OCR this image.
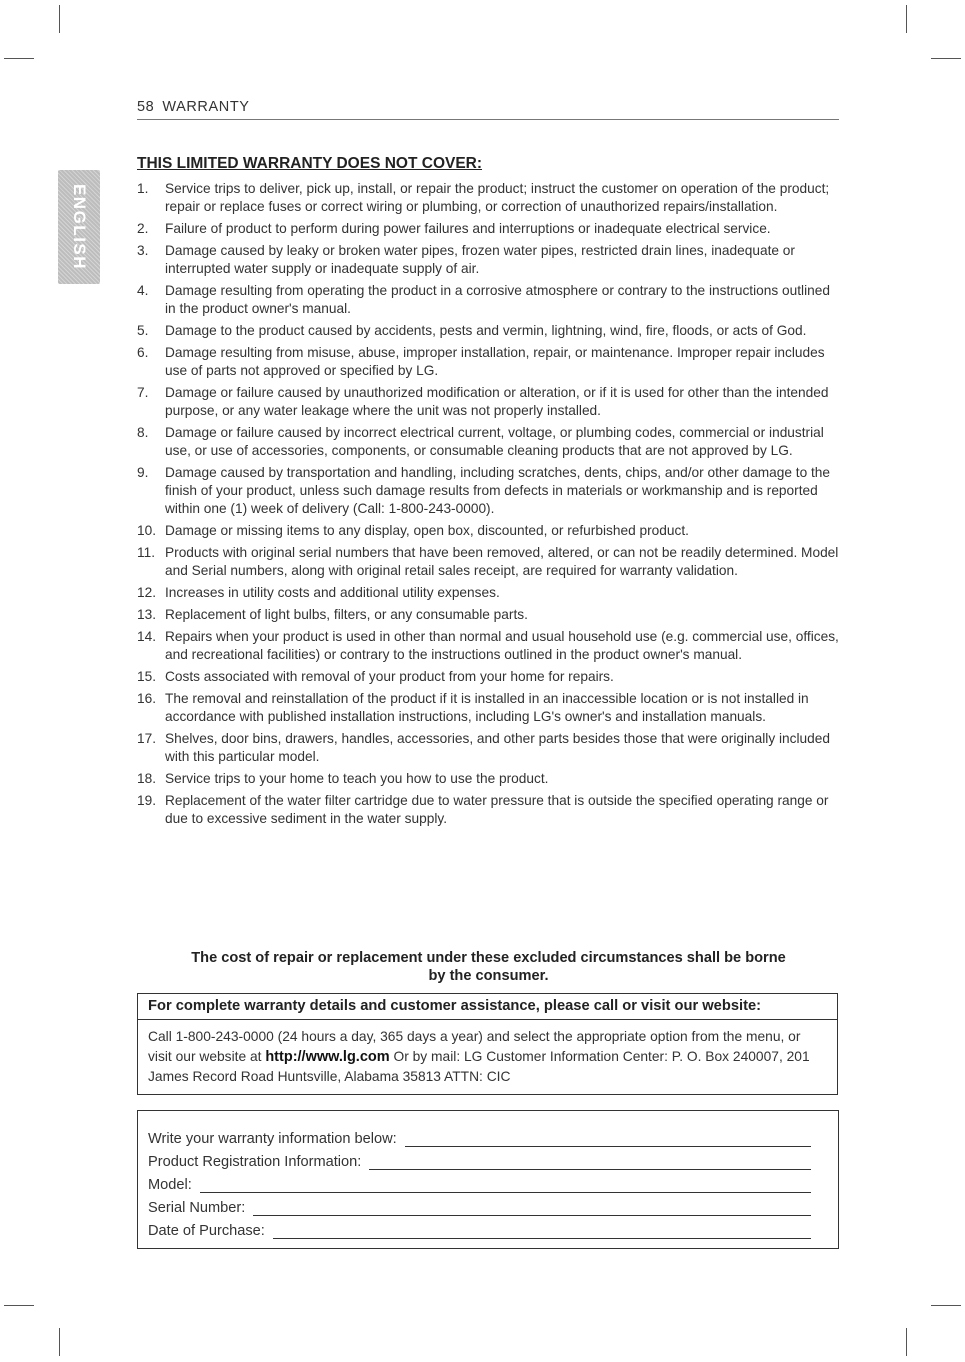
58 WARRANTY
ENGLISH
THIS LIMITED WARRANTY DOES NOT COVER:
1. Service trips to deliver, pick up, install, or repair the product; instruct the customer on operation of the product; repair or replace fuses or correct wiring or plumbing, or correction of unauthorized repairs/installation.
2. Failure of product to perform during power failures and interruptions or inadequate electrical service.
3. Damage caused by leaky or broken water pipes, frozen water pipes, restricted drain lines, inadequate or interrupted water supply or inadequate supply of air.
4. Damage resulting from operating the product in a corrosive atmosphere or contrary to the instructions outlined in the product owner's manual.
5. Damage to the product caused by accidents, pests and vermin, lightning, wind, fire, floods, or acts of God.
6. Damage resulting from misuse, abuse, improper installation, repair, or maintenance. Improper repair includes use of parts not approved or specified by LG.
7. Damage or failure caused by unauthorized modification or alteration, or if it is used for other than the intended purpose, or any water leakage where the unit was not properly installed.
8. Damage or failure caused by incorrect electrical current, voltage, or plumbing codes, commercial or industrial use, or use of accessories, components, or consumable cleaning products that are not approved by LG.
9. Damage caused by transportation and handling, including scratches, dents, chips, and/or other damage to the finish of your product, unless such damage results from defects in materials or workmanship and is reported within one (1) week of delivery (Call: 1-800-243-0000).
10. Damage or missing items to any display, open box, discounted, or refurbished product.
11. Products with original serial numbers that have been removed, altered, or can not be readily determined. Model and Serial numbers, along with original retail sales receipt, are required for warranty validation.
12. Increases in utility costs and additional utility expenses.
13. Replacement of light bulbs, filters, or any consumable parts.
14. Repairs when your product is used in other than normal and usual household use (e.g. commercial use, offices, and recreational facilities) or contrary to the instructions outlined in the product owner's manual.
15. Costs associated with removal of your product from your home for repairs.
16. The removal and reinstallation of the product if it is installed in an inaccessible location or is not installed in accordance with published installation instructions, including LG's owner's and installation manuals.
17. Shelves, door bins, drawers, handles, accessories, and other parts besides those that were originally included with this particular model.
18. Service trips to your home to teach you how to use the product.
19. Replacement of the water filter cartridge due to water pressure that is outside the specified operating range or due to excessive sediment in the water supply.
The cost of repair or replacement under these excluded circumstances shall be borne
by the consumer.
For complete warranty details and customer assistance, please call or visit our website:
Call 1-800-243-0000 (24 hours a day, 365 days a year) and select the appropriate option from the menu, or visit our website at http://www.lg.com Or by mail: LG Customer Information Center: P. O. Box 240007, 201 James Record Road Huntsville, Alabama 35813 ATTN: CIC
Write your warranty information below:
Product Registration Information:
Model:
Serial Number:
Date of Purchase:
